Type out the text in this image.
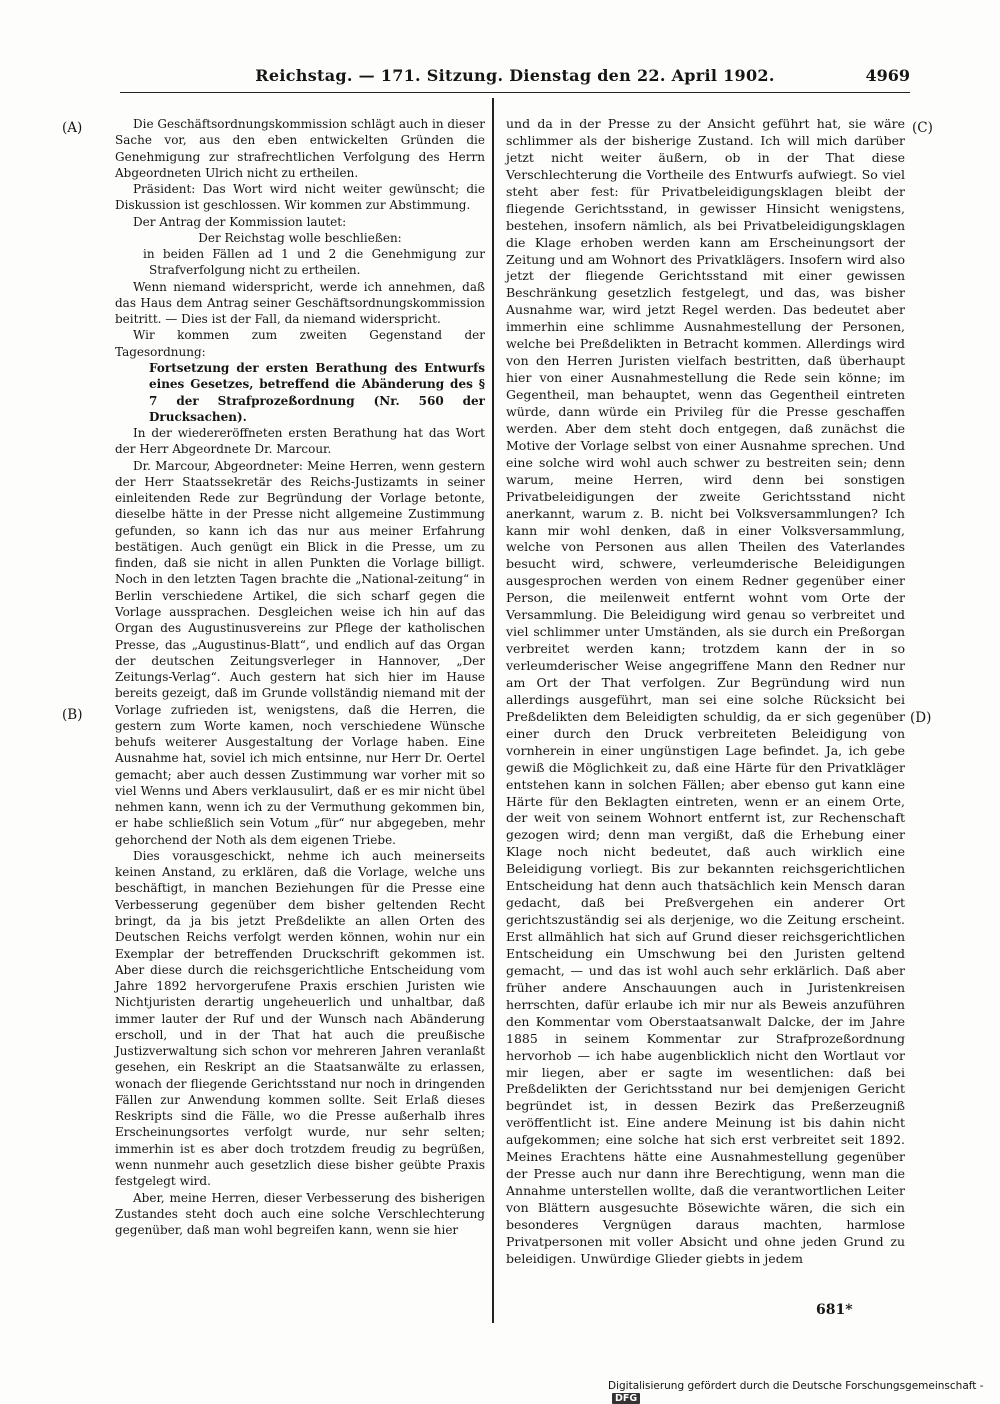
Reichstag. — 171. Sitzung. Dienstag den 22. April 1902.	4969
(A)
(B)
(C)
(D)

Die Geschäftsordnungskommission schlägt auch in dieser Sache vor, aus den eben entwickelten Gründen die Genehmigung zur strafrechtlichen Verfolgung des Herrn Abgeordneten Ulrich nicht zu ertheilen.

Präsident: Das Wort wird nicht weiter gewünscht; die Diskussion ist geschlossen. Wir kommen zur Abstimmung.

Der Antrag der Kommission lautet:

Der Reichstag wolle beschließen:

in beiden Fällen ad 1 und 2 die Genehmigung zur Strafverfolgung nicht zu ertheilen.

Wenn niemand widerspricht, werde ich annehmen, daß das Haus dem Antrag seiner Geschäftsordnungskommission beitritt. — Dies ist der Fall, da niemand widerspricht.

Wir kommen zum zweiten Gegenstand der Tagesordnung:

Fortsetzung der ersten Berathung des Entwurfs eines Gesetzes, betreffend die Abänderung des § 7 der Strafprozeßordnung (Nr. 560 der Drucksachen).

In der wiedereröffneten ersten Berathung hat das Wort der Herr Abgeordnete Dr. Marcour.

Dr. Marcour, Abgeordneter: Meine Herren, wenn gestern der Herr Staatssekretär des Reichs-Justizamts in seiner einleitenden Rede zur Begründung der Vorlage betonte, dieselbe hätte in der Presse nicht allgemeine Zustimmung gefunden, so kann ich das nur aus meiner Erfahrung bestätigen. Auch genügt ein Blick in die Presse, um zu finden, daß sie nicht in allen Punkten die Vorlage billigt. Noch in den letzten Tagen brachte die „National-zeitung“ in Berlin verschiedene Artikel, die sich scharf gegen die Vorlage aussprachen. Desgleichen weise ich hin auf das Organ des Augustinusvereins zur Pflege der katholischen Presse, das „Augustinus-Blatt“, und endlich auf das Organ der deutschen Zeitungsverleger in Hannover, „Der Zeitungs-Verlag“. Auch gestern hat sich hier im Hause bereits gezeigt, daß im Grunde vollständig niemand mit der Vorlage zufrieden ist, wenigstens, daß die Herren, die gestern zum Worte kamen, noch verschiedene Wünsche behufs weiterer Ausgestaltung der Vorlage haben. Eine Ausnahme hat, soviel ich mich entsinne, nur Herr Dr. Oertel gemacht; aber auch dessen Zustimmung war vorher mit so viel Wenns und Abers verklausulirt, daß er es mir nicht übel nehmen kann, wenn ich zu der Vermuthung gekommen bin, er habe schließlich sein Votum „für“ nur abgegeben, mehr gehorchend der Noth als dem eigenen Triebe.

Dies vorausgeschickt, nehme ich auch meinerseits keinen Anstand, zu erklären, daß die Vorlage, welche uns beschäftigt, in manchen Beziehungen für die Presse eine Verbesserung gegenüber dem bisher geltenden Recht bringt, da ja bis jetzt Preßdelikte an allen Orten des Deutschen Reichs verfolgt werden können, wohin nur ein Exemplar der betreffenden Druckschrift gekommen ist. Aber diese durch die reichsgerichtliche Entscheidung vom Jahre 1892 hervorgerufene Praxis erschien Juristen wie Nichtjuristen derartig ungeheuerlich und unhaltbar, daß immer lauter der Ruf und der Wunsch nach Abänderung erscholl, und in der That hat auch die preußische Justizverwaltung sich schon vor mehreren Jahren veranlaßt gesehen, ein Reskript an die Staatsanwälte zu erlassen, wonach der fliegende Gerichtsstand nur noch in dringenden Fällen zur Anwendung kommen sollte. Seit Erlaß dieses Reskripts sind die Fälle, wo die Presse außerhalb ihres Erscheinungsortes verfolgt wurde, nur sehr selten; immerhin ist es aber doch trotzdem freudig zu begrüßen, wenn nunmehr auch gesetzlich diese bisher geübte Praxis festgelegt wird.

Aber, meine Herren, dieser Verbesserung des bisherigen Zustandes steht doch auch eine solche Verschlechterung gegenüber, daß man wohl begreifen kann, wenn sie hier

und da in der Presse zu der Ansicht geführt hat, sie wäre schlimmer als der bisherige Zustand. Ich will mich darüber jetzt nicht weiter äußern, ob in der That diese Verschlechterung die Vortheile des Entwurfs aufwiegt. So viel steht aber fest: für Privatbeleidigungsklagen bleibt der fliegende Gerichtsstand, in gewisser Hinsicht wenigstens, bestehen, insofern nämlich, als bei Privatbeleidigungsklagen die Klage erhoben werden kann am Erscheinungsort der Zeitung und am Wohnort des Privatklägers. Insofern wird also jetzt der fliegende Gerichtsstand mit einer gewissen Beschränkung gesetzlich festgelegt, und das, was bisher Ausnahme war, wird jetzt Regel werden. Das bedeutet aber immerhin eine schlimme Ausnahmestellung der Personen, welche bei Preßdelikten in Betracht kommen. Allerdings wird von den Herren Juristen vielfach bestritten, daß überhaupt hier von einer Ausnahmestellung die Rede sein könne; im Gegentheil, man behauptet, wenn das Gegentheil eintreten würde, dann würde ein Privileg für die Presse geschaffen werden. Aber dem steht doch entgegen, daß zunächst die Motive der Vorlage selbst von einer Ausnahme sprechen. Und eine solche wird wohl auch schwer zu bestreiten sein; denn warum, meine Herren, wird denn bei sonstigen Privatbeleidigungen der zweite Gerichtsstand nicht anerkannt, warum z. B. nicht bei Volksversammlungen? Ich kann mir wohl denken, daß in einer Volksversammlung, welche von Personen aus allen Theilen des Vaterlandes besucht wird, schwere, verleumderische Beleidigungen ausgesprochen werden von einem Redner gegenüber einer Person, die meilenweit entfernt wohnt vom Orte der Versammlung. Die Beleidigung wird genau so verbreitet und viel schlimmer unter Umständen, als sie durch ein Preßorgan verbreitet werden kann; trotzdem kann der in so verleumderischer Weise angegriffene Mann den Redner nur am Ort der That verfolgen. Zur Begründung wird nun allerdings ausgeführt, man sei eine solche Rücksicht bei Preßdelikten dem Beleidigten schuldig, da er sich gegenüber einer durch den Druck verbreiteten Beleidigung von vornherein in einer ungünstigen Lage befindet. Ja, ich gebe gewiß die Möglichkeit zu, daß eine Härte für den Privatkläger entstehen kann in solchen Fällen; aber ebenso gut kann eine Härte für den Beklagten eintreten, wenn er an einem Orte, der weit von seinem Wohnort entfernt ist, zur Rechenschaft gezogen wird; denn man vergißt, daß die Erhebung einer Klage noch nicht bedeutet, daß auch wirklich eine Beleidigung vorliegt. Bis zur bekannten reichsgerichtlichen Entscheidung hat denn auch thatsächlich kein Mensch daran gedacht, daß bei Preßvergehen ein anderer Ort gerichtszuständig sei als derjenige, wo die Zeitung erscheint. Erst allmählich hat sich auf Grund dieser reichsgerichtlichen Entscheidung ein Umschwung bei den Juristen geltend gemacht, — und das ist wohl auch sehr erklärlich. Daß aber früher andere Anschauungen auch in Juristenkreisen herrschten, dafür erlaube ich mir nur als Beweis anzuführen den Kommentar vom Oberstaatsanwalt Dalcke, der im Jahre 1885 in seinem Kommentar zur Strafprozeßordnung hervorhob — ich habe augenblicklich nicht den Wortlaut vor mir liegen, aber er sagte im wesentlichen: daß bei Preßdelikten der Gerichtsstand nur bei demjenigen Gericht begründet ist, in dessen Bezirk das Preßerzeugniß veröffentlicht ist. Eine andere Meinung ist bis dahin nicht aufgekommen; eine solche hat sich erst verbreitet seit 1892. Meines Erachtens hätte eine Ausnahmestellung gegenüber der Presse auch nur dann ihre Berechtigung, wenn man die Annahme unterstellen wollte, daß die verantwortlichen Leiter von Blättern ausgesuchte Bösewichte wären, die sich ein besonderes Vergnügen daraus machten, harmlose Privatpersonen mit voller Absicht und ohne jeden Grund zu beleidigen. Unwürdige Glieder giebts in jedem

681*
Digitalisierung gefördert durch die Deutsche Forschungsgemeinschaft -DFG
